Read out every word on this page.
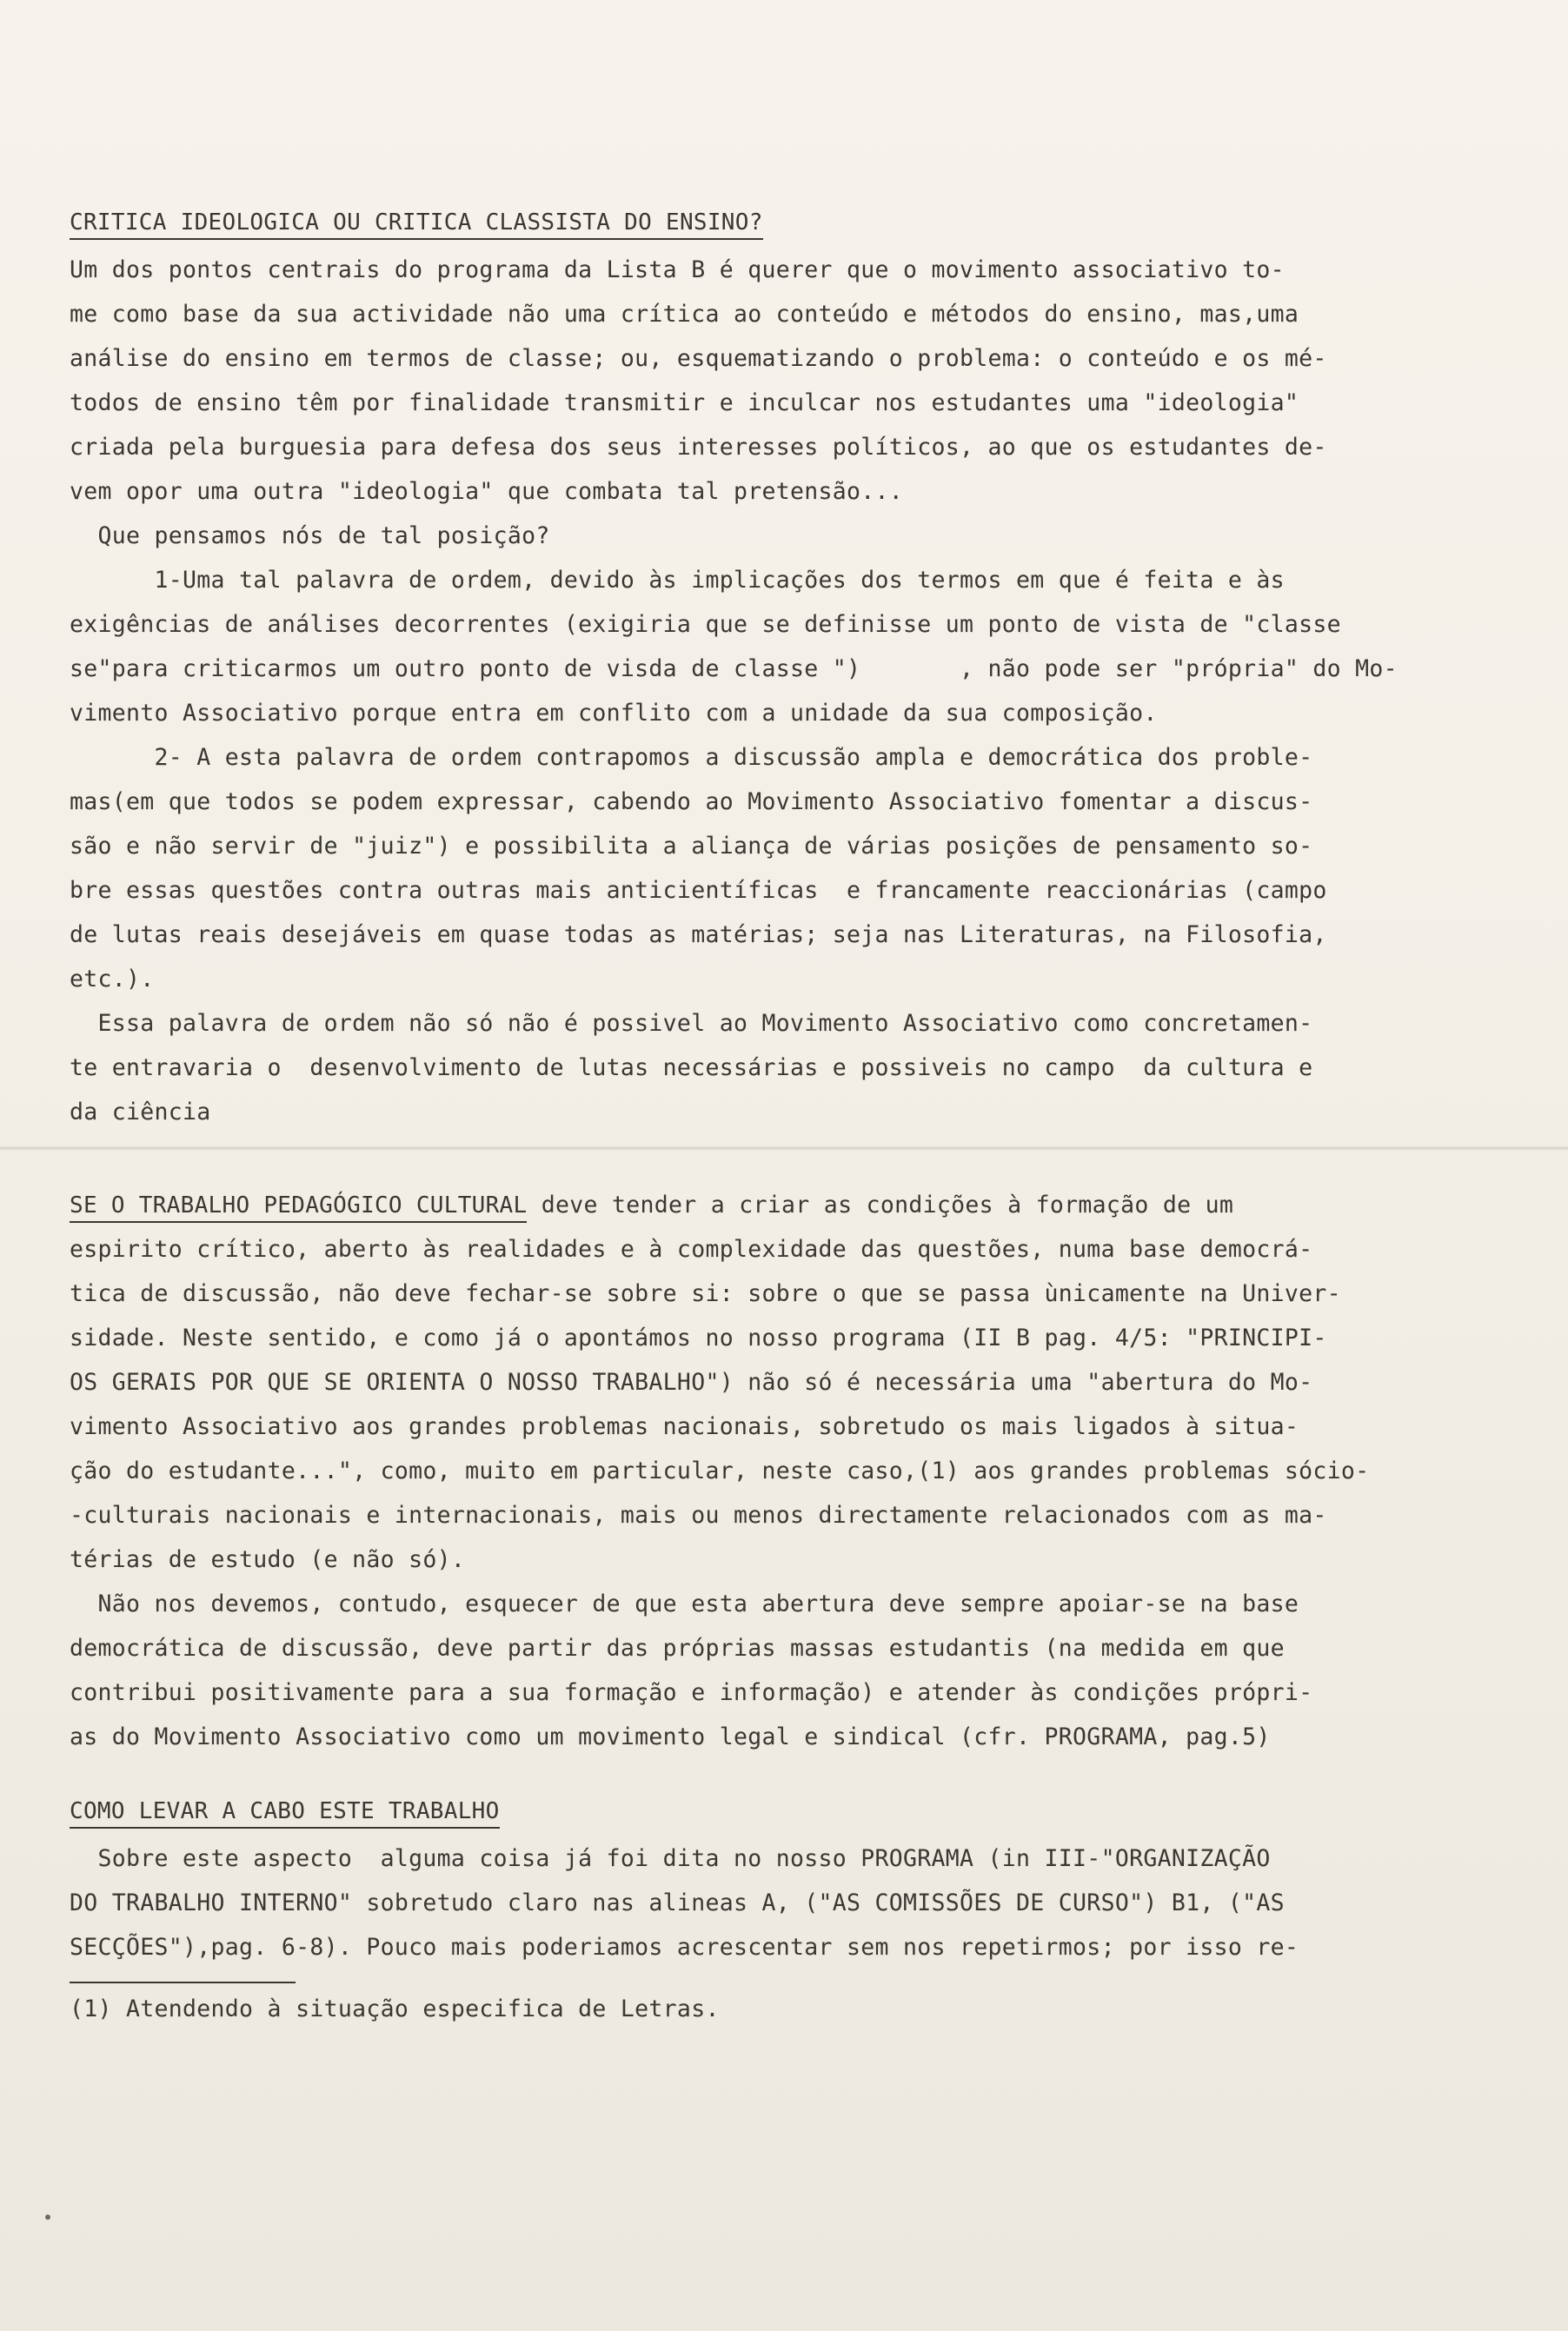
CRITICA IDEOLOGICA OU CRITICA CLASSISTA DO ENSINO?

Um dos pontos centrais do programa da Lista B é querer que o movimento associativo to-

me como base da sua actividade não uma crítica ao conteúdo e métodos do ensino, mas,uma

análise do ensino em termos de classe; ou, esquematizando o problema: o conteúdo e os mé-

todos de ensino têm por finalidade transmitir e inculcar nos estudantes uma "ideologia"

criada pela burguesia para defesa dos seus interesses políticos, ao que os estudantes de-

vem opor uma outra "ideologia" que combata tal pretensão...

Que pensamos nós de tal posição?

1-Uma tal palavra de ordem, devido às implicações dos termos em que é feita e às

exigências de análises decorrentes (exigiria que se definisse um ponto de vista de "classe

se"para criticarmos um outro ponto de visda de classe ")       , não pode ser "própria" do Mo-

vimento Associativo porque entra em conflito com a unidade da sua composição.

2- A esta palavra de ordem contrapomos a discussão ampla e democrática dos proble-

mas(em que todos se podem expressar, cabendo ao Movimento Associativo fomentar a discus-

são e não servir de "juiz") e possibilita a aliança de várias posições de pensamento so-

bre essas questões contra outras mais anticientíficas  e francamente reaccionárias (campo

de lutas reais desejáveis em quase todas as matérias; seja nas Literaturas, na Filosofia,

etc.).

Essa palavra de ordem não só não é possivel ao Movimento Associativo como concretamen-

te entravaria o  desenvolvimento de lutas necessárias e possiveis no campo  da cultura e

da ciência

SE O TRABALHO PEDAGÓGICO CULTURAL deve tender a criar as condições à formação de um

espirito crítico, aberto às realidades e à complexidade das questões, numa base democrá-

tica de discussão, não deve fechar-se sobre si: sobre o que se passa ùnicamente na Univer-

sidade. Neste sentido, e como já o apontámos no nosso programa (II B pag. 4/5: "PRINCIPI-

OS GERAIS POR QUE SE ORIENTA O NOSSO TRABALHO") não só é necessária uma "abertura do Mo-

vimento Associativo aos grandes problemas nacionais, sobretudo os mais ligados à situa-

ção do estudante...", como, muito em particular, neste caso,(1) aos grandes problemas sócio-

-culturais nacionais e internacionais, mais ou menos directamente relacionados com as ma-

térias de estudo (e não só).

Não nos devemos, contudo, esquecer de que esta abertura deve sempre apoiar-se na base

democrática de discussão, deve partir das próprias massas estudantis (na medida em que

contribui positivamente para a sua formação e informação) e atender às condições própri-

as do Movimento Associativo como um movimento legal e sindical (cfr. PROGRAMA, pag.5)

COMO LEVAR A CABO ESTE TRABALHO

Sobre este aspecto  alguma coisa já foi dita no nosso PROGRAMA (in III-"ORGANIZAÇÃO

DO TRABALHO INTERNO" sobretudo claro nas alineas A, ("AS COMISSÕES DE CURSO") B1, ("AS

SECÇÕES"),pag. 6-8). Pouco mais poderiamos acrescentar sem nos repetirmos; por isso re-

(1) Atendendo à situação especifica de Letras.
